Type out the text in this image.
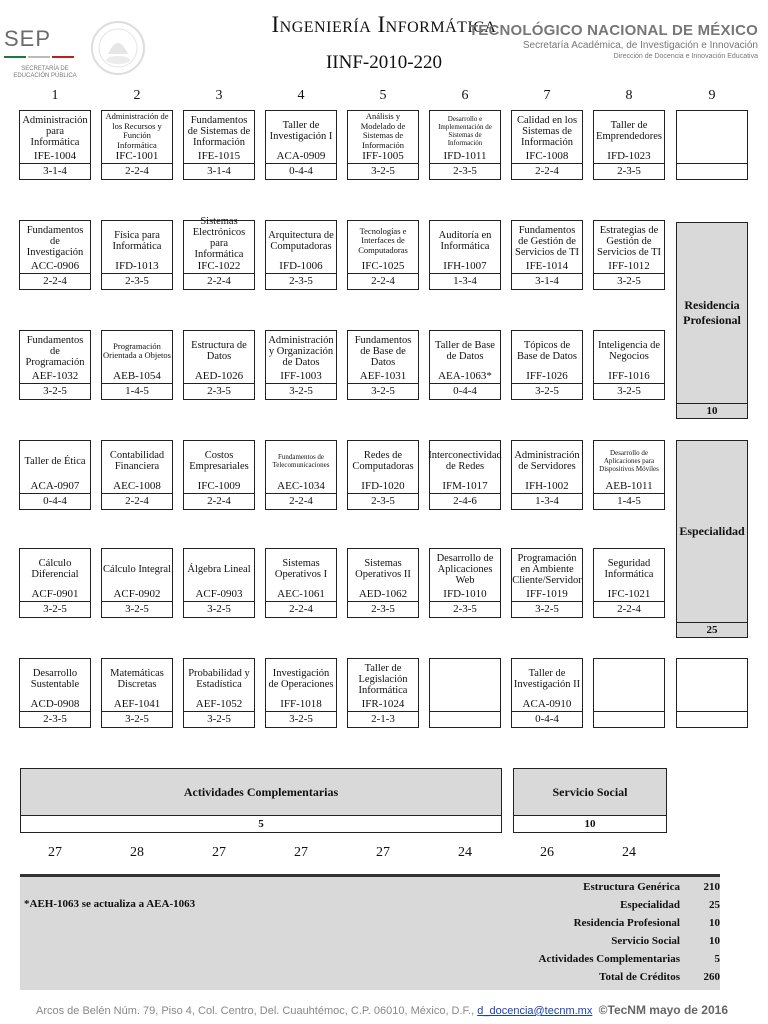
SEP
SECRETARÍA DE EDUCACIÓN PÚBLICA
Ingeniería Informática
IINF-2010-220
TECNOLÓGICO NACIONAL DE MÉXICO
Secretaría Académica, de Investigación e Innovación
Dirección de Docencia e Innovación Educativa
1	2	3	4	5	6	7	8	9
Administración para Informática
IFE-1004
3-1-4
Administración de los Recursos y Función Informática
IFC-1001
2-2-4
Fundamentos de Sistemas de Información
IFE-1015
3-1-4
Taller de Investigación I
ACA-0909
0-4-4
Análisis y Modelado de Sistemas de Información
IFF-1005
3-2-5
Desarrollo e Implementación de Sistemas de Información
IFD-1011
2-3-5
Calidad en los Sistemas de Información
IFC-1008
2-2-4
Taller de Emprendedores
IFD-1023
2-3-5
Fundamentos de Investigación
ACC-0906
2-2-4
Física para Informática
IFD-1013
2-3-5
Sistemas Electrónicos para Informática
IFC-1022
2-2-4
Arquitectura de Computadoras
IFD-1006
2-3-5
Tecnologías e Interfaces de Computadoras
IFC-1025
2-2-4
Auditoría en Informática
IFH-1007
1-3-4
Fundamentos de Gestión de Servicios de TI
IFE-1014
3-1-4
Estrategias de Gestión de Servicios de TI
IFF-1012
3-2-5
Fundamentos de Programación
AEF-1032
3-2-5
Programación Orientada a Objetos
AEB-1054
1-4-5
Estructura de Datos
AED-1026
2-3-5
Administración y Organización de Datos
IFF-1003
3-2-5
Fundamentos de Base de Datos
AEF-1031
3-2-5
Taller de Base de Datos
AEA-1063*
0-4-4
Tópicos de Base de Datos
IFF-1026
3-2-5
Inteligencia de Negocios
IFF-1016
3-2-5
Taller de Ética
ACA-0907
0-4-4
Contabilidad Financiera
AEC-1008
2-2-4
Costos Empresariales
IFC-1009
2-2-4
Fundamentos de Telecomunicaciones
AEC-1034
2-2-4
Redes de Computadoras
IFD-1020
2-3-5
Interconectividad de Redes
IFM-1017
2-4-6
Administración de Servidores
IFH-1002
1-3-4
Desarrollo de Aplicaciones para Dispositivos Móviles
AEB-1011
1-4-5
Cálculo Diferencial
ACF-0901
3-2-5
Cálculo Integral
ACF-0902
3-2-5
Álgebra Lineal
ACF-0903
3-2-5
Sistemas Operativos I
AEC-1061
2-2-4
Sistemas Operativos II
AED-1062
2-3-5
Desarrollo de Aplicaciones Web
IFD-1010
2-3-5
Programación en Ambiente Cliente/Servidor
IFF-1019
3-2-5
Seguridad Informática
IFC-1021
2-2-4
Desarrollo Sustentable
ACD-0908
2-3-5
Matemáticas Discretas
AEF-1041
3-2-5
Probabilidad y Estadística
AEF-1052
3-2-5
Investigación de Operaciones
IFF-1018
3-2-5
Taller de Legislación Informática
IFR-1024
2-1-3
Taller de Investigación II
ACA-0910
0-4-4
27	28	27	27	27	24	26	24
Residencia Profesional
10
Especialidad
25
Actividades Complementarias
5
Servicio Social
10
*AEH-1063 se actualiza a AEA-1063
Estructura Genérica	210
Especialidad	25
Residencia Profesional	10
Servicio Social	10
Actividades Complementarias	5
Total de Créditos	260
Arcos de Belén Núm. 79, Piso 4, Col. Centro, Del. Cuauhtémoc, C.P. 06010, México, D.F., d_docencia@tecnm.mx ©TecNM mayo de 2016
